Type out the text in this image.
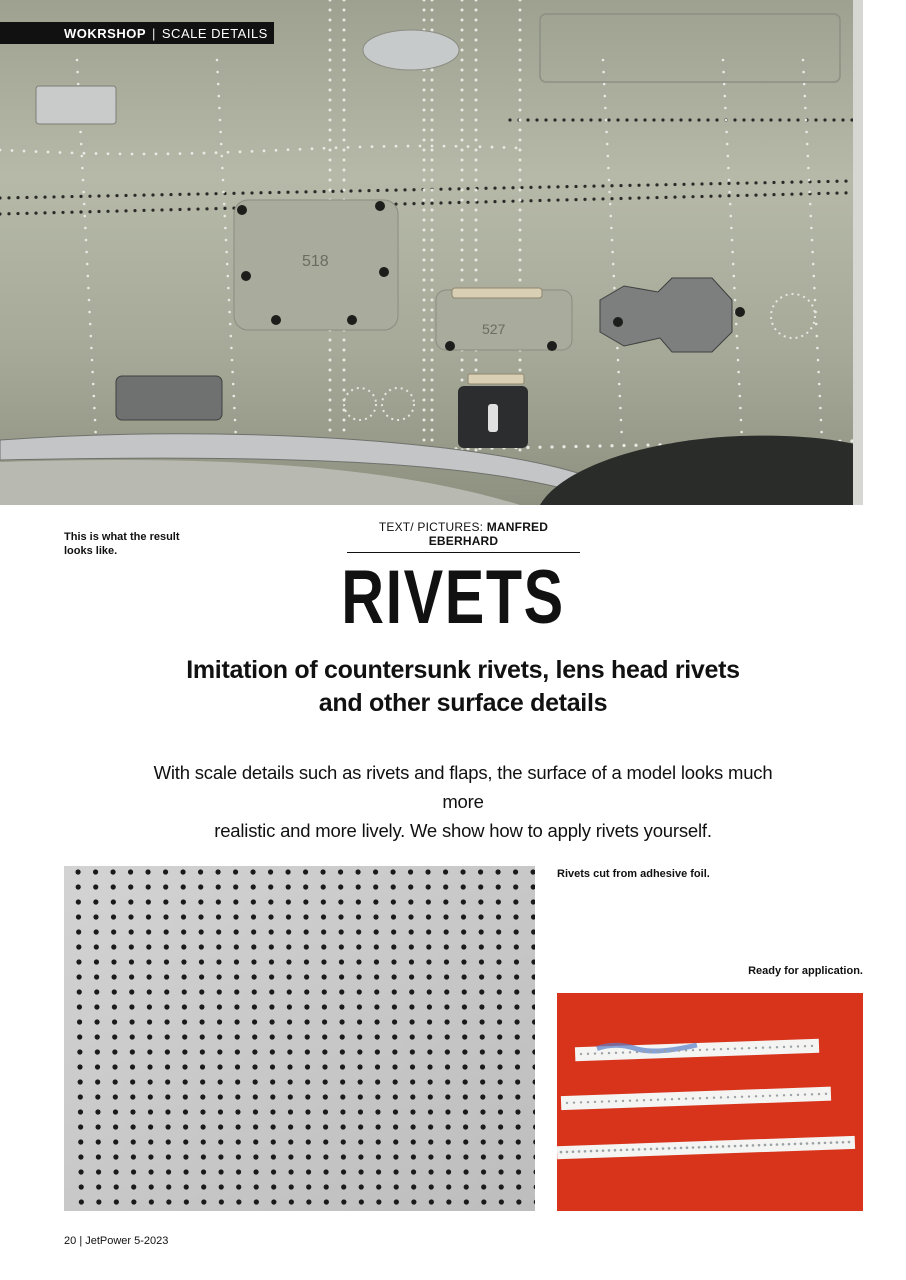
518
527
WOKRSHOP | SCALE DETAILS
This is what the result looks like.
TEXT/ PICTURES: MANFRED EBERHARD
RIVETS
Imitation of countersunk rivets, lens head rivets
and other surface details
With scale details such as rivets and flaps, the surface of a model looks much more
realistic and more lively. We show how to apply rivets yourself.
Rivets cut from adhesive foil.
Ready for application.
20 | JetPower 5-2023
